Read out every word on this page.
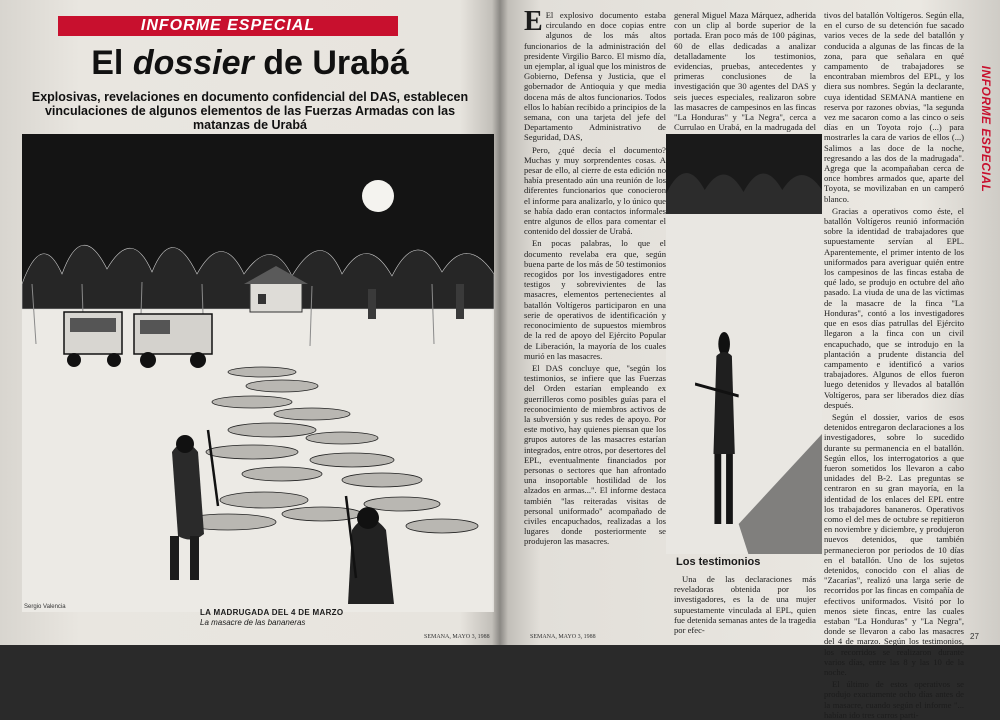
INFORME ESPECIAL
El dossier de Urabá
Explosivas, revelaciones en documento confidencial del DAS, establecen vinculaciones de algunos elementos de las Fuerzas Armadas con las matanzas de Urabá
Sergio Valencia
LA MADRUGADA DEL 4 DE MARZO
La masacre de las bananeras
SEMANA, MAYO 3, 1988

E El explosivo documento estaba circulando en doce copias entre algunos de los más altos funcionarios de la administración del presidente Virgilio Barco. El mismo día, un ejemplar, al igual que los ministros de Gobierno, Defensa y Justicia, que el gobernador de Antioquia y que media docena más de altos funcionarios. Todos ellos lo habían recibido a principios de la semana, con una tarjeta del jefe del Departamento Administrativo de Seguridad, DAS,

Pero, ¿qué decía el documento? Muchas y muy sorprendentes cosas. A pesar de ello, al cierre de esta edición no había presentado aún una reunión de los diferentes funcionarios que conocieron el informe para analizarlo, y lo único que se había dado eran contactos informales entre algunos de ellos para comentar el contenido del dossier de Urabá.

En pocas palabras, lo que el documento revelaba era que, según buena parte de los más de 50 testimonios recogidos por los investigadores entre testigos y sobrevivientes de las masacres, elementos pertenecientes al batallón Voltígeros participaron en una serie de operativos de identificación y reconocimiento de supuestos miembros de la red de apoyo del Ejército Popular de Liberación, la mayoría de los cuales murió en las masacres.

El DAS concluye que, "según los testimonios, se infiere que las Fuerzas del Orden estarían empleando ex guerrilleros como posibles guías para el reconocimiento de miembros activos de la subversión y sus redes de apoyo. Por este motivo, hay quienes piensan que los grupos autores de las masacres estarían integrados, entre otros, por desertores del EPL, eventualmente financiados por personas o sectores que han afrontado una insoportable hostilidad de los alzados en armas...". El informe destaca también "las reiteradas visitas de personal uniformado" acompañado de civiles encapuchados, realizadas a los lugares donde posteriormente se produjeron las masacres.

general Miguel Maza Márquez, adherida con un clip al borde superior de la portada. Eran poco más de 100 páginas, 60 de ellas dedicadas a analizar detalladamente los testimonios, evidencias, pruebas, antecedentes y primeras conclusiones de la investigación que 30 agentes del DAS y seis jueces especiales, realizaron sobre las masacres de campesinos en las fincas "La Honduras" y "La Negra", cerca a Currulao en Urabá, en la madrugada del

Los testimonios

Una de las declaraciones más reveladoras obtenida por los investigadores, es la de una mujer supuestamente vinculada al EPL, quien fue detenida semanas antes de la tragedia por efec-

tivos del batallón Voltígeros. Según ella, en el curso de su detención fue sacado varios veces de la sede del batallón y conducida a algunas de las fincas de la zona, para que señalara en qué campamento de trabajadores se encontraban miembros del EPL, y los diera sus nombres. Según la declarante, cuya identidad SEMANA mantiene en reserva por razones obvias, "la segunda vez me sacaron como a las cinco o seis días en un Toyota rojo (...) para mostrarles la cara de varios de ellos (...) Salimos a las doce de la noche, regresando a las dos de la madrugada". Agrega que la acompañaban cerca de once hombres armados que, aparte del Toyota, se movilizaban en un camperó blanco.

Gracias a operativos como éste, el batallón Voltígeros reunió información sobre la identidad de trabajadores que supuestamente servían al EPL. Aparentemente, el primer intento de los uniformados para averiguar quién entre los campesinos de las fincas estaba de qué lado, se produjo en octubre del año pasado. La viuda de una de las víctimas de la masacre de la finca "La Honduras", contó a los investigadores que en esos días patrullas del Ejército llegaron a la finca con un civil encapuchado, que se introdujo en la plantación a prudente distancia del campamento e identificó a varios trabajadores. Algunos de ellos fueron luego detenidos y llevados al batallón Voltígeros, para ser liberados diez días después.

Según el dossier, varios de esos detenidos entregaron declaraciones a los investigadores, sobre lo sucedido durante su permanencia en el batallón. Según ellos, los interrogatorios a que fueron sometidos los llevaron a cabo unidades del B-2. Las preguntas se centraron en su gran mayoría, en la identidad de los enlaces del EPL entre los trabajadores bananeros. Operativos como el del mes de octubre se repitieron en noviembre y diciembre, y produjeron nuevos detenidos, que también permanecieron por periodos de 10 días en el batallón. Uno de los sujetos detenidos, conocido con el alias de "Zacarías", realizó una larga serie de recorridos por las fincas en compañía de efectivos uniformados. Visitó por lo menos siete fincas, entre las cuales estaban "La Honduras" y "La Negra", donde se llevaron a cabo las masacres del 4 de marzo. Según los testimonios, los recorridos se realizaron durante varios días, entre las 8 y las 10 de la noche.

El último de estos operativos se produjo exactamente ocho días antes de la masacre, cuando según el informe "... habían ido tres carros parti-

INFORME ESPECIAL
SEMANA, MAYO 3, 1988	27
